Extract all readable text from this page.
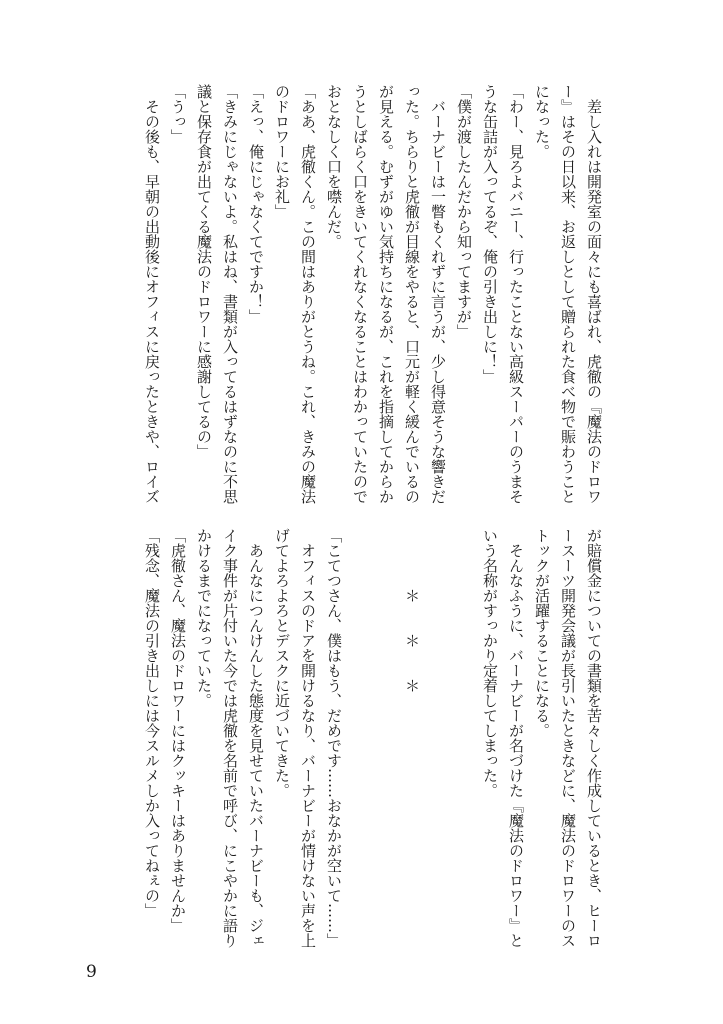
　差し入れは開発室の面々にも喜ばれ、虎徹の『魔法のドロワ
ー』はその日以来、お返しとして贈られた食べ物で賑わうこと
になった。
「わー、見ろよバニー、行ったことない高級スーパーのうまそ
うな缶詰が入ってるぞ、俺の引き出しに！」
「僕が渡したんだから知ってますが」
　バーナビーは一瞥もくれずに言うが、少し得意そうな響きだ
った。ちらりと虎徹が目線をやると、口元が軽く緩んでいるの
が見える。むずがゆい気持ちになるが、これを指摘してからか
うとしばらく口をきいてくれなくなることはわかっていたので
おとなしく口を噤んだ。
「ああ、虎徹くん。この間はありがとうね。これ、きみの魔法
のドロワーにお礼」
「えっ、俺にじゃなくてですか！」
「きみにじゃないよ。私はね、書類が入ってるはずなのに不思
議と保存食が出てくる魔法のドロワーに感謝してるの」
「うっ」
　その後も、早朝の出動後にオフィスに戻ったときや、ロイズ
が賠償金についての書類を苦々しく作成しているとき、ヒーロ
ースーツ開発会議が長引いたときなどに、魔法のドロワーのス
トックが活躍することになる。
　そんなふうに、バーナビーが名づけた『魔法のドロワー』と
いう名称がすっかり定着してしまった。

　　　　＊　　＊　　＊

「こてつさん、僕はもう、だめです……おなかが空いて……」
　オフィスのドアを開けるなり、バーナビーが情けない声を上
げてよろよろとデスクに近づいてきた。
　あんなにつんけんした態度を見せていたバーナビーも、ジェ
イク事件が片付いた今では虎徹を名前で呼び、にこやかに語り
かけるまでになっていた。
「虎徹さん、魔法のドロワーにはクッキーはありませんか」
「残念、魔法の引き出しには今スルメしか入ってねぇの」
9
